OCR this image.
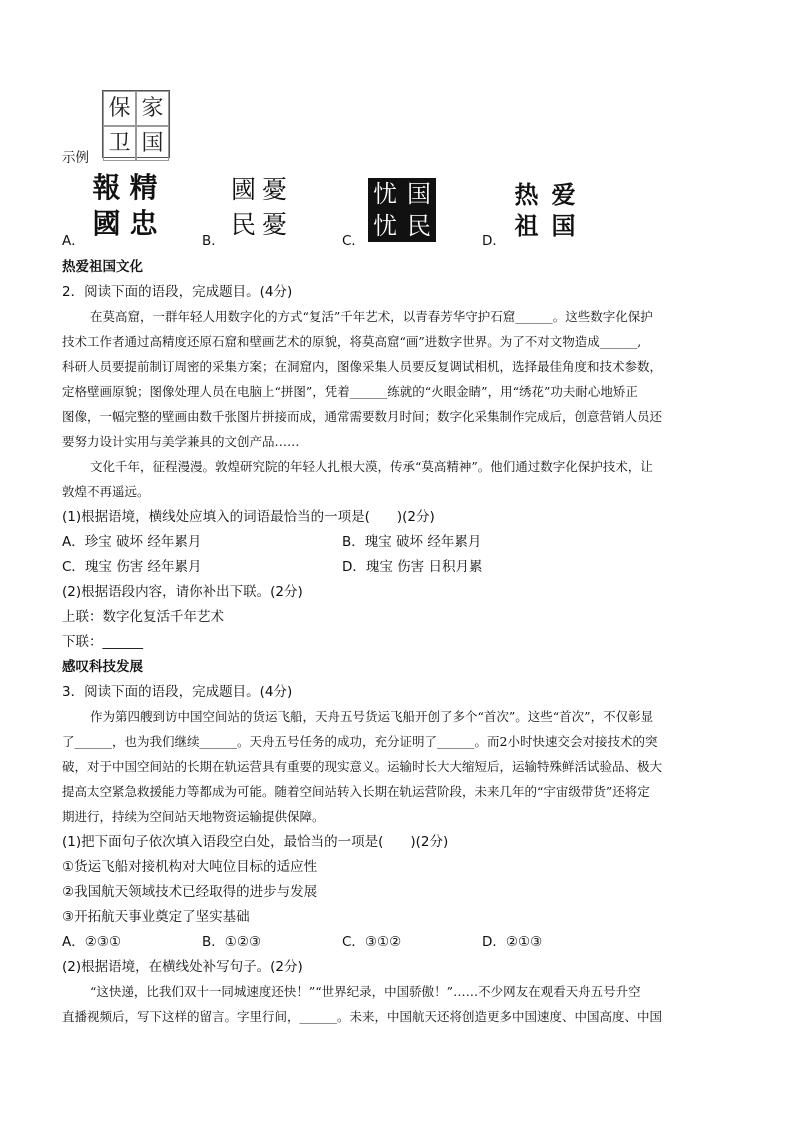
保 家
卫 国
示例
報 精
國 忠
國 憂
民 憂
忧 国
忧 民
热 爱
祖 国
A．	B．	C．	D．
热爱祖国文化
2．阅读下面的语段，完成题目。(4分)
在莫高窟，一群年轻人用数字化的方式“复活”千年艺术，以青春芳华守护石窟______。这些数字化保护
技术工作者通过高精度还原石窟和壁画艺术的原貌，将莫高窟“画”进数字世界。为了不对文物造成______,
科研人员要提前制订周密的采集方案；在洞窟内，图像采集人员要反复调试相机，选择最佳角度和技术参数，
定格壁画原貌；图像处理人员在电脑上“拼图”，凭着______练就的“火眼金睛”，用“绣花”功夫耐心地矫正
图像，一幅完整的壁画由数千张图片拼接而成，通常需要数月时间；数字化采集制作完成后，创意营销人员还
要努力设计实用与美学兼具的文创产品……
文化千年，征程漫漫。敦煌研究院的年轻人扎根大漠，传承“莫高精神”。他们通过数字化保护技术，让
敦煌不再遥远。
(1)根据语境，横线处应填入的词语最恰当的一项是(　　)(2分)
A．珍宝 破坏 经年累月	B．瑰宝 破坏 经年累月
C．瑰宝 伤害 经年累月	D．瑰宝 伤害 日积月累
(2)根据语段内容，请你补出下联。(2分)
上联：数字化复活千年艺术
下联：______
感叹科技发展
3．阅读下面的语段，完成题目。(4分)
作为第四艘到访中国空间站的货运飞船，天舟五号货运飞船开创了多个“首次”。这些“首次”，不仅彰显
了______，也为我们继续______。天舟五号任务的成功，充分证明了______。而2小时快速交会对接技术的突
破，对于中国空间站的长期在轨运营具有重要的现实意义。运输时长大大缩短后，运输特殊鲜活试验品、极大
提高太空紧急救援能力等都成为可能。随着空间站转入长期在轨运营阶段，未来几年的“宇宙级带货”还将定
期进行，持续为空间站天地物资运输提供保障。
(1)把下面句子依次填入语段空白处，最恰当的一项是(　　)(2分)
①货运飞船对接机构对大吨位目标的适应性
②我国航天领域技术已经取得的进步与发展
③开拓航天事业奠定了坚实基础
A．②③①	B．①②③	C．③①②	D．②①③
(2)根据语境，在横线处补写句子。(2分)
“这快递，比我们双十一同城速度还快！”“世界纪录，中国骄傲！”……不少网友在观看天舟五号升空
直播视频后，写下这样的留言。字里行间，______。未来，中国航天还将创造更多中国速度、中国高度、中国
